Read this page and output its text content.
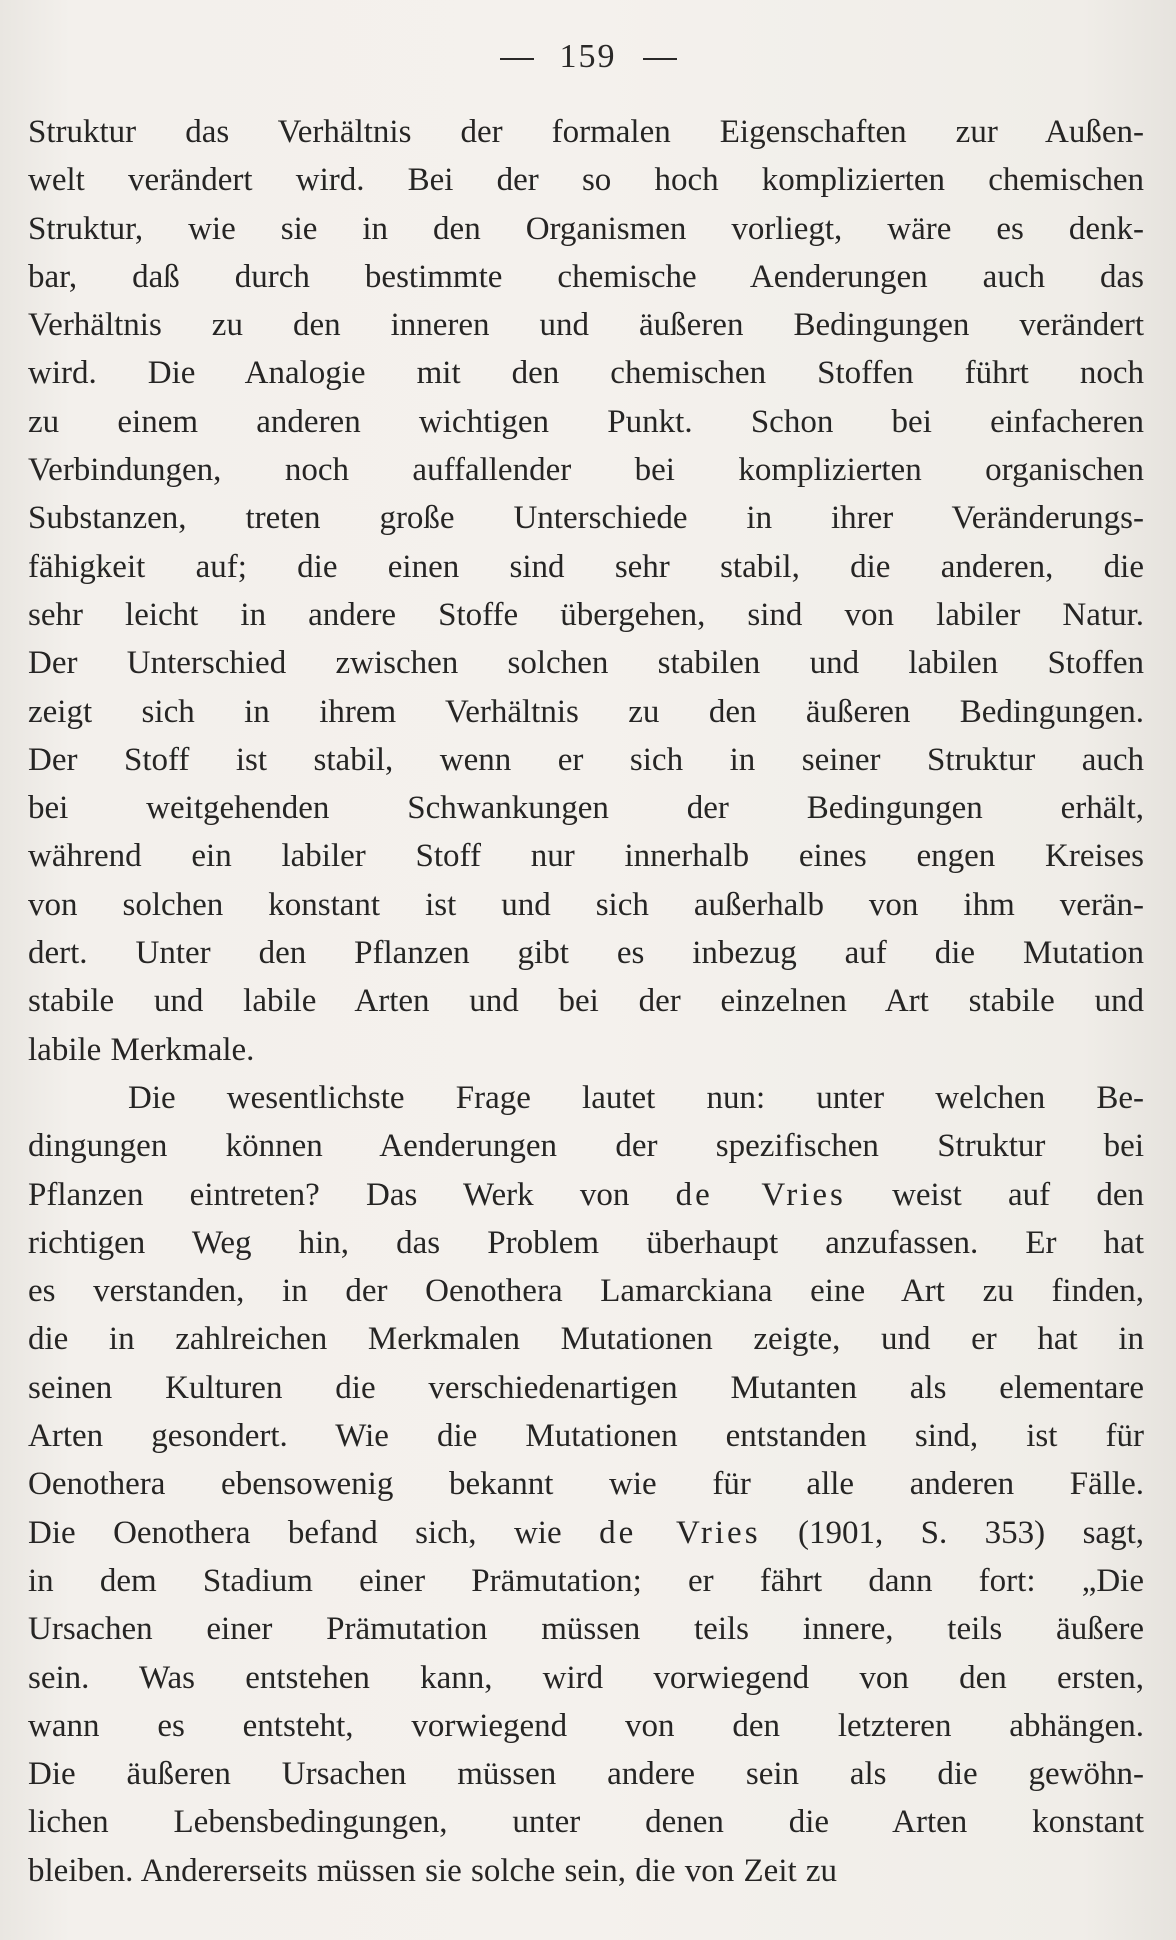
159
Struktur das Verhältnis der formalen Eigenschaften zur Außen-
welt verändert wird. Bei der so hoch komplizierten chemischen
Struktur, wie sie in den Organismen vorliegt, wäre es denk-
bar, daß durch bestimmte chemische Aenderungen auch das
Verhältnis zu den inneren und äußeren Bedingungen verändert
wird. Die Analogie mit den chemischen Stoffen führt noch
zu einem anderen wichtigen Punkt. Schon bei einfacheren
Verbindungen, noch auffallender bei komplizierten organischen
Substanzen, treten große Unterschiede in ihrer Veränderungs-
fähigkeit auf; die einen sind sehr stabil, die anderen, die
sehr leicht in andere Stoffe übergehen, sind von labiler Natur.
Der Unterschied zwischen solchen stabilen und labilen Stoffen
zeigt sich in ihrem Verhältnis zu den äußeren Bedingungen.
Der Stoff ist stabil, wenn er sich in seiner Struktur auch
bei weitgehenden Schwankungen der Bedingungen erhält,
während ein labiler Stoff nur innerhalb eines engen Kreises
von solchen konstant ist und sich außerhalb von ihm verän-
dert. Unter den Pflanzen gibt es inbezug auf die Mutation
stabile und labile Arten und bei der einzelnen Art stabile und
labile Merkmale.
Die wesentlichste Frage lautet nun: unter welchen Be-
dingungen können Aenderungen der spezifischen Struktur bei
Pflanzen eintreten? Das Werk von de Vries weist auf den
richtigen Weg hin, das Problem überhaupt anzufassen. Er hat
es verstanden, in der Oenothera Lamarckiana eine Art zu finden,
die in zahlreichen Merkmalen Mutationen zeigte, und er hat in
seinen Kulturen die verschiedenartigen Mutanten als elementare
Arten gesondert. Wie die Mutationen entstanden sind, ist für
Oenothera ebensowenig bekannt wie für alle anderen Fälle.
Die Oenothera befand sich, wie de Vries (1901, S. 353) sagt,
in dem Stadium einer Prämutation; er fährt dann fort: „Die
Ursachen einer Prämutation müssen teils innere, teils äußere
sein. Was entstehen kann, wird vorwiegend von den ersten,
wann es entsteht, vorwiegend von den letzteren abhängen.
Die äußeren Ursachen müssen andere sein als die gewöhn-
lichen Lebensbedingungen, unter denen die Arten konstant
bleiben. Andererseits müssen sie solche sein, die von Zeit zu
